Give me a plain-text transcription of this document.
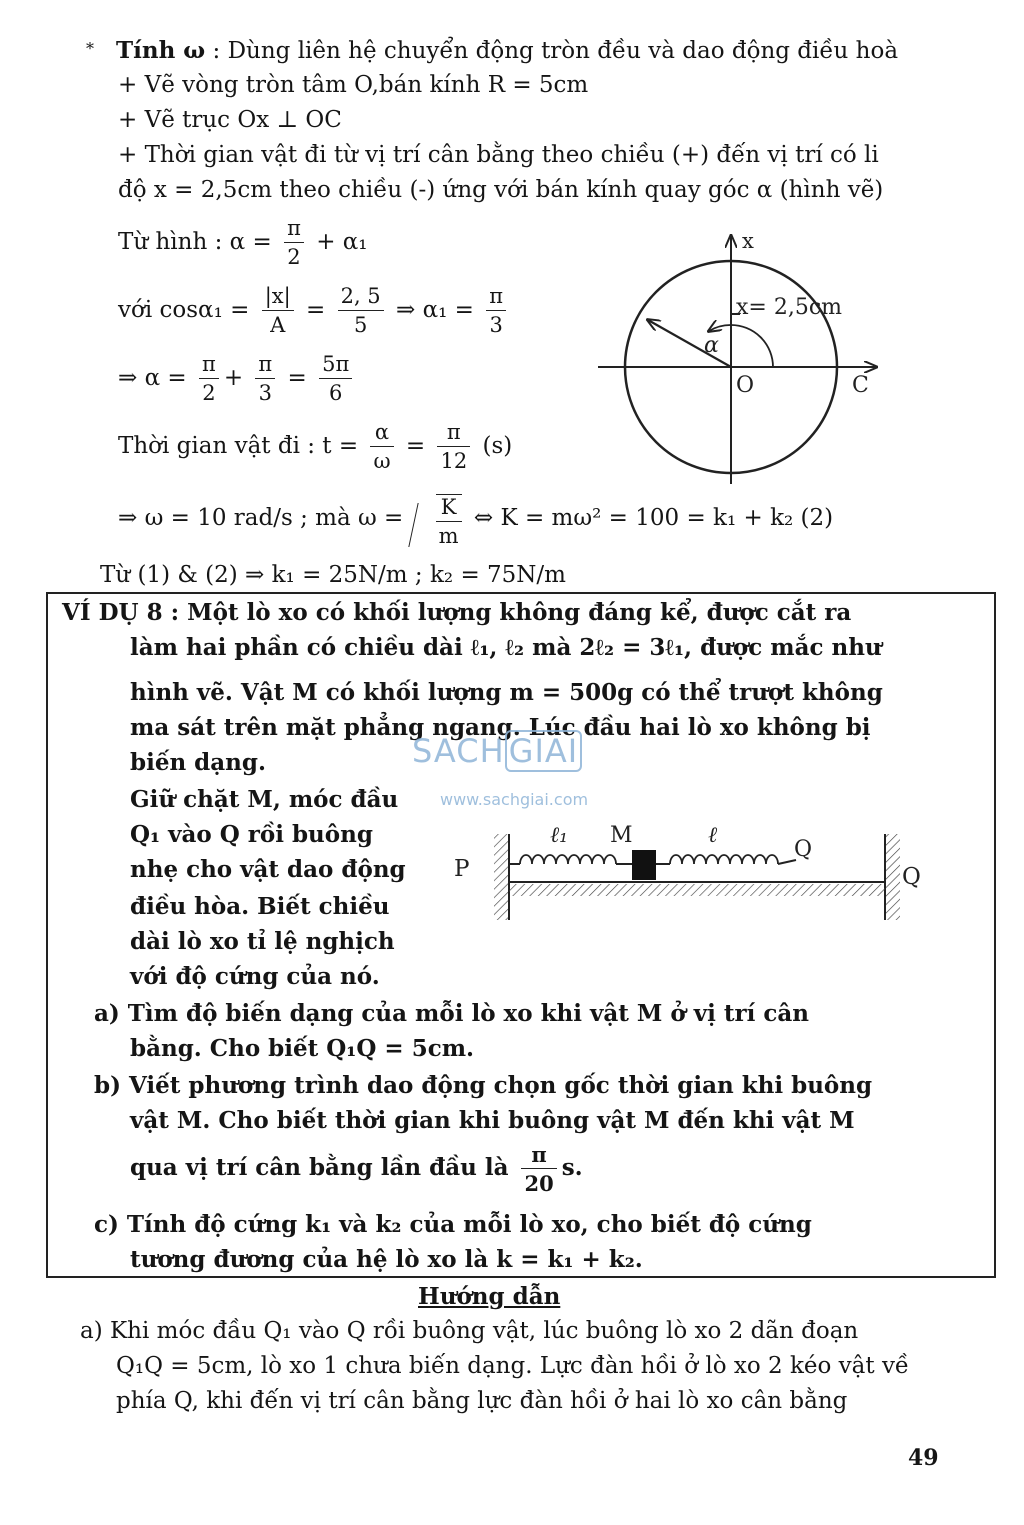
* Tính ω : Dùng liên hệ chuyển động tròn đều và dao động điều hoà
+ Vẽ vòng tròn tâm O,bán kính R = 5cm
+ Vẽ trục Ox ⊥ OC
+ Thời gian vật đi từ vị trí cân bằng theo chiều (+) đến vị trí có li
độ x = 2,5cm theo chiều (-) ứng với bán kính quay góc α (hình vẽ)
Từ hình : $\alpha = \frac{\pi}{2} + \alpha_1$
với $\cos\alpha_1 = \frac{|x|}{A} = \frac{2, 5}{5}$ ⇒ $\alpha_1 = \frac{\pi}{3}$
⇒ $\alpha = \frac{\pi}{2} + \frac{\pi}{3} = \frac{5\pi}{6}$
Thời gian vật đi : $t = \frac{\alpha}{\omega} = \frac{\pi}{12} (s)$
⇒ ω = 10 rad/s ; mà $\omega = \frac{K}{m}$ ⇔ K = mω² = 100 = k₁ + k₂ (2)
Từ (1) & (2) ⇒ k₁ = 25N/m ; k₂ = 75N/m
x
x= 2,5cm
α
O	C
VÍ DỤ 8 : Một lò xo có khối lượng không đáng kể, được cắt ra
làm hai phần có chiều dài ℓ₁, ℓ₂ mà 2ℓ₂ = 3ℓ₁, được mắc như
hình vẽ. Vật M có khối lượng m = 500g có thể trượt không
ma sát trên mặt phẳng ngang. Lúc đầu hai lò xo không bị
biến dạng.
Giữ chặt M, móc đầu
Q₁ vào Q rồi buông
nhẹ cho vật dao động
điều hòa. Biết chiều
dài lò xo tỉ lệ nghịch
với độ cứng của nó.
a) Tìm độ biến dạng của mỗi lò xo khi vật M ở vị trí cân
bằng. Cho biết Q₁Q = 5cm.
b) Viết phương trình dao động chọn gốc thời gian khi buông
vật M. Cho biết thời gian khi buông vật M đến khi vật M
qua vị trí cân bằng lần đầu là $\frac{\pi}{20} s$.
c) Tính độ cứng k₁ và k₂ của mỗi lò xo, cho biết độ cứng
tương đương của hệ lò xo là k = k₁ + k₂.
P
ℓ₁ M	ℓ
Q
Q
SACH GIAI
www.sachgiai.com
Hướng dẫn
a) Khi móc đầu Q₁ vào Q rồi buông vật, lúc buông lò xo 2 dãn đoạn
Q₁Q = 5cm, lò xo 1 chưa biến dạng. Lực đàn hồi ở lò xo 2 kéo vật về
phía Q, khi đến vị trí cân bằng lực đàn hồi ở hai lò xo cân bằng
49
